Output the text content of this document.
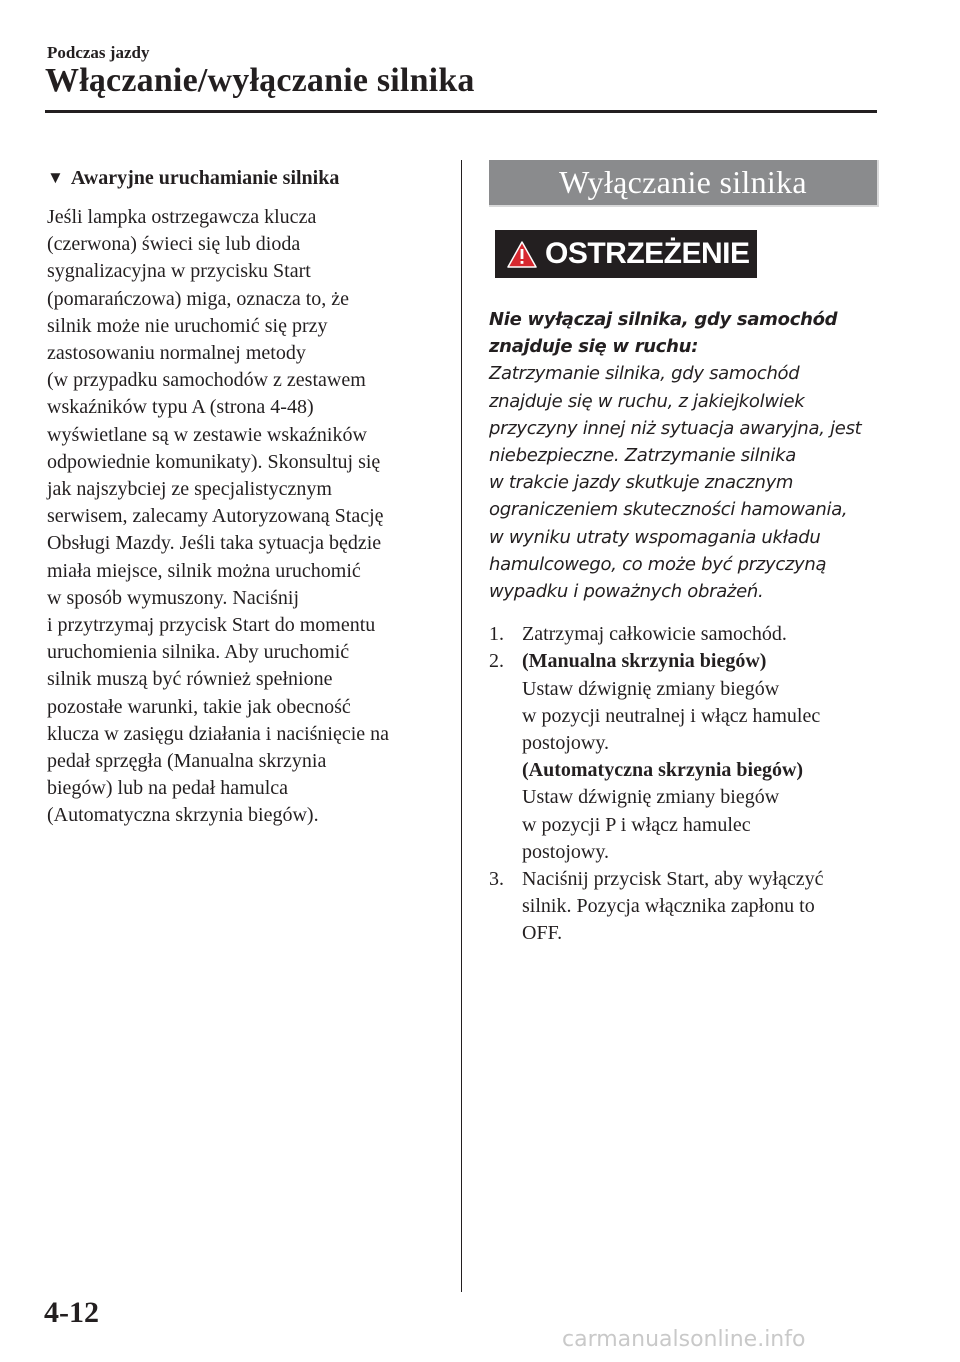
Podczas jazdy
Włączanie/wyłączanie silnika
▼ Awaryjne uruchamianie silnika
Jeśli lampka ostrzegawcza klucza
(czerwona) świeci się lub dioda
sygnalizacyjna w przycisku Start
(pomarańczowa) miga, oznacza to, że
silnik może nie uruchomić się przy
zastosowaniu normalnej metody
(w przypadku samochodów z zestawem
wskaźników typu A (strona 4-48)
wyświetlane są w zestawie wskaźników
odpowiednie komunikaty). Skonsultuj się
jak najszybciej ze specjalistycznym
serwisem, zalecamy Autoryzowaną Stację
Obsługi Mazdy. Jeśli taka sytuacja będzie
miała miejsce, silnik można uruchomić
w sposób wymuszony. Naciśnij
i przytrzymaj przycisk Start do momentu
uruchomienia silnika. Aby uruchomić
silnik muszą być również spełnione
pozostałe warunki, takie jak obecność
klucza w zasięgu działania i naciśnięcie na
pedał sprzęgła (Manualna skrzynia
biegów) lub na pedał hamulca
(Automatyczna skrzynia biegów).
Wyłączanie silnika
OSTRZEŻENIE
Nie wyłączaj silnika, gdy samochód
znajduje się w ruchu:
Zatrzymanie silnika, gdy samochód
znajduje się w ruchu, z jakiejkolwiek
przyczyny innej niż sytuacja awaryjna, jest
niebezpieczne. Zatrzymanie silnika
w trakcie jazdy skutkuje znacznym
ograniczeniem skuteczności hamowania,
w wyniku utraty wspomagania układu
hamulcowego, co może być przyczyną
wypadku i poważnych obrażeń.
1. Zatrzymaj całkowicie samochód.
2. (Manualna skrzynia biegów)
Ustaw dźwignię zmiany biegów
w pozycji neutralnej i włącz hamulec
postojowy.
(Automatyczna skrzynia biegów)
Ustaw dźwignię zmiany biegów
w pozycji P i włącz hamulec
postojowy.
3. Naciśnij przycisk Start, aby wyłączyć
silnik. Pozycja włącznika zapłonu to
OFF.
4-12
carmanualsonline.info
